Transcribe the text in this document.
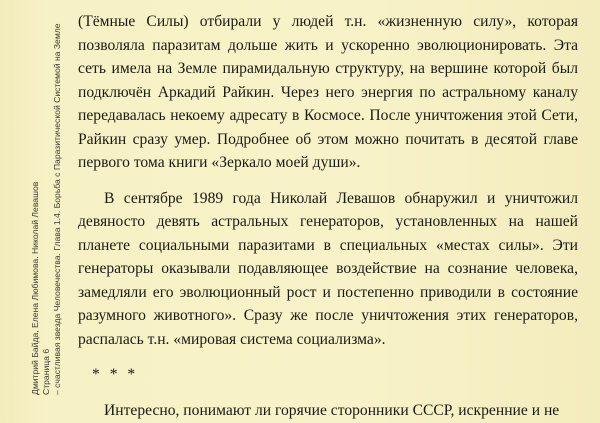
Дмитрий Байда, Елена Любимова. Николай Левашов Страница 6 – счастливая звезда Человечества. Глава 1.4. Борьба с Паразитической Системой на Земле

(Тёмные Силы) отбирали у людей т.н. «жизненную силу», которая позволяла паразитам дольше жить и ускоренно эволюционировать. Эта сеть имела на Земле пирамидальную структуру, на вершине которой был подключён Аркадий Райкин. Через него энергия по астральному каналу передавалась некоему адресату в Космосе. После уничтожения этой Сети, Райкин сразу умер. Подробнее об этом можно почитать в десятой главе первого тома книги «Зеркало моей души».

В сентябре 1989 года Николай Левашов обнаружил и уничтожил девяносто девять астральных генераторов, установленных на нашей планете социальными паразитами в специальных «местах силы». Эти генераторы оказывали подавляющее воздействие на сознание человека, замедляли его эволюционный рост и постепенно приводили в состояние разумного животного». Сразу же после уничтожения этих генераторов, распалась т.н. «мировая система социализма».

* * *

Интересно, понимают ли горячие сторонники СССР, искренние и не
